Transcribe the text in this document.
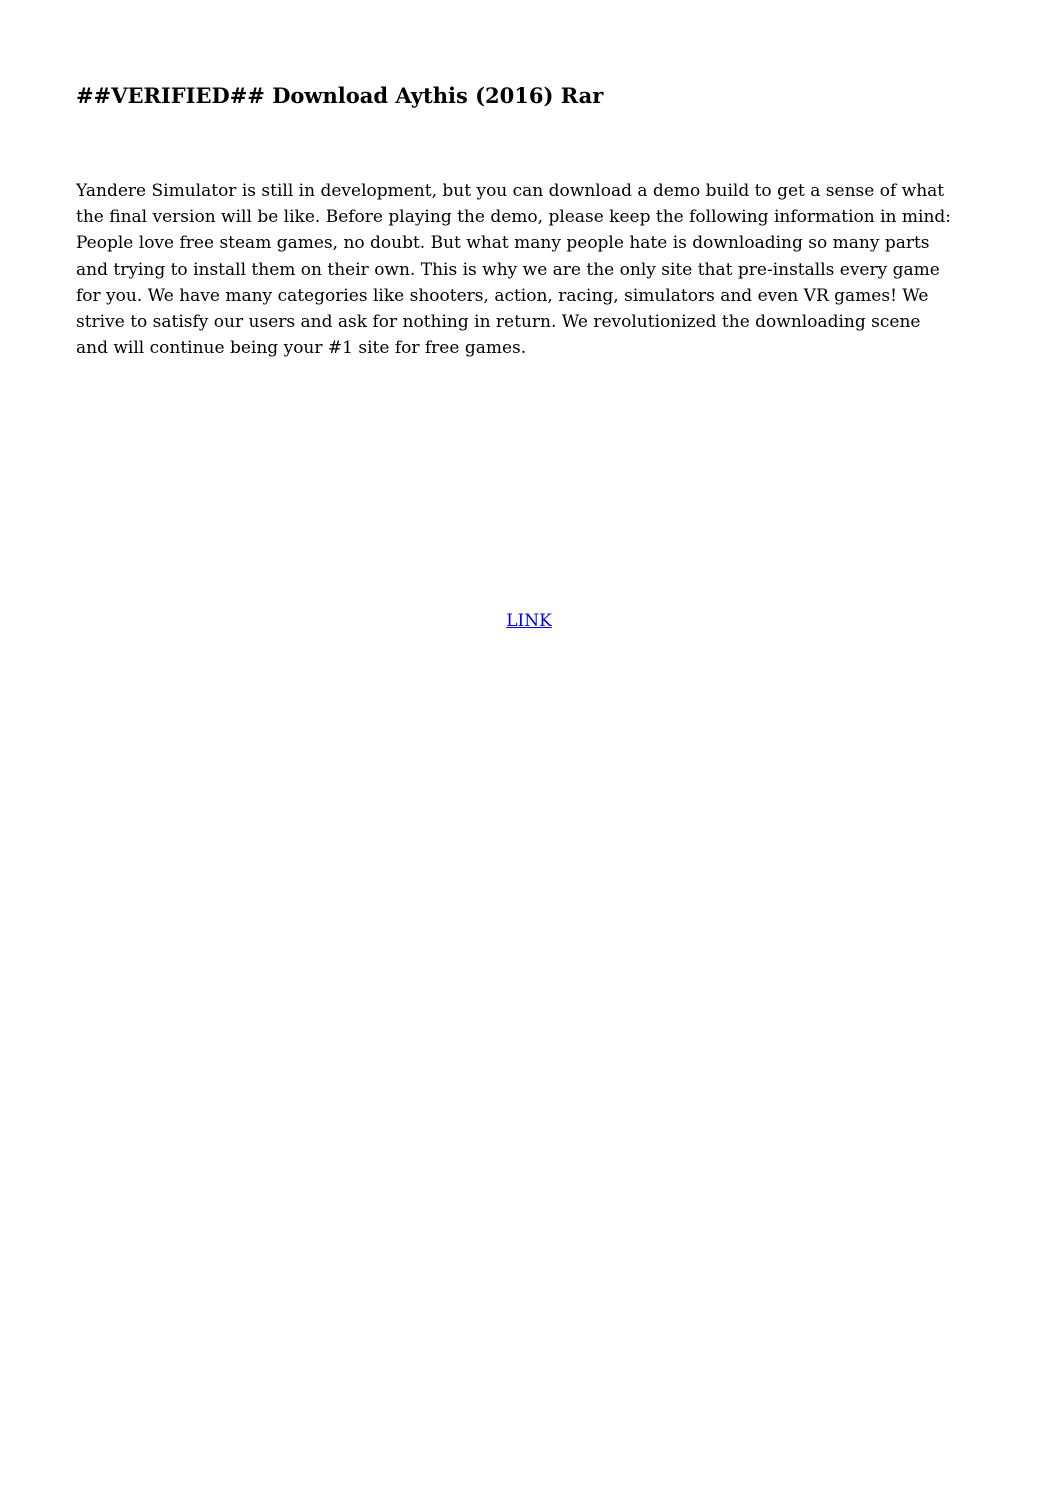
##VERIFIED## Download Aythis (2016) Rar

Yandere Simulator is still in development, but you can download a demo build to get a sense of what
the final version will be like. Before playing the demo, please keep the following information in mind:
People love free steam games, no doubt. But what many people hate is downloading so many parts
and trying to install them on their own. This is why we are the only site that pre-installs every game
for you. We have many categories like shooters, action, racing, simulators and even VR games! We
strive to satisfy our users and ask for nothing in return. We revolutionized the downloading scene
and will continue being your #1 site for free games.

LINK
